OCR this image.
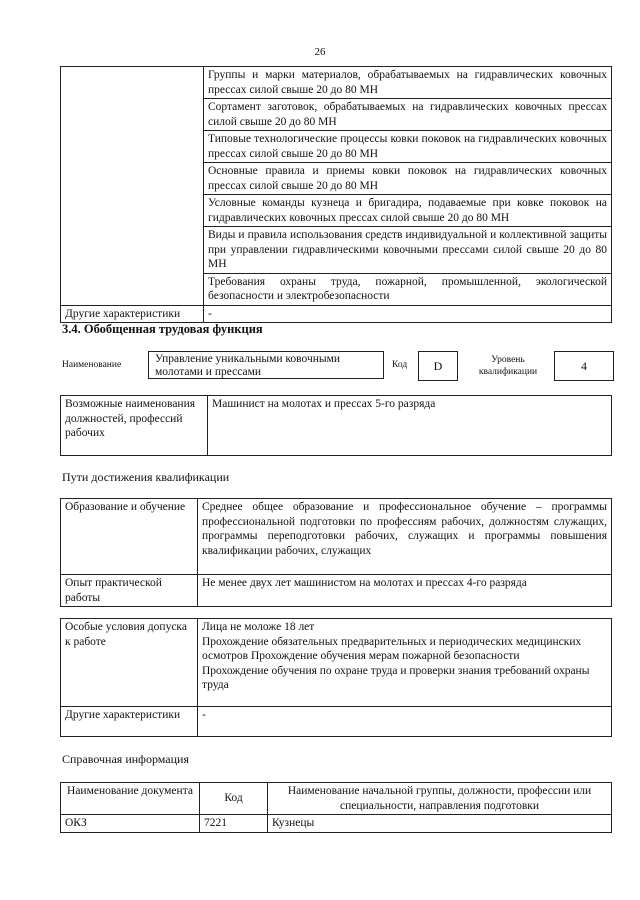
26
	Группы и марки материалов, обрабатываемых на гидравлических ковочных прессах силой свыше 20 до 80 МН
	Сортамент заготовок, обрабатываемых на гидравлических ковочных прессах силой свыше 20 до 80 МН
	Типовые технологические процессы ковки поковок на гидравлических ковочных прессах силой свыше 20 до 80 МН
	Основные правила и приемы ковки поковок на гидравлических ковочных прессах силой свыше 20 до 80 МН
	Условные команды кузнеца и бригадира, подаваемые при ковке поковок на гидравлических ковочных прессах силой свыше 20 до 80 МН
	Виды и правила использования средств индивидуальной и коллективной защиты при управлении гидравлическими ковочными прессами силой свыше 20 до 80 МН
	Требования охраны труда, пожарной, промышленной, экологической безопасности и электробезопасности
Другие характеристики	-
3.4. Обобщенная трудовая функция
Наименование	Управление уникальными ковочными молотами и прессами
Код	D	Уровень
квалификации	4
Возможные наименования должностей, профессий рабочих	Машинист на молотах и прессах 5-го разряда
Пути достижения квалификации
Образование и обучение	Среднее общее образование и профессиональное обучение – программы профессиональной подготовки по профессиям рабочих, должностям служащих, программы переподготовки рабочих, служащих и программы повышения квалификации рабочих, служащих
Опыт практической работы	Не менее двух лет машинистом на молотах и прессах 4-го разряда
Особые условия допуска к работе	Лица не моложе 18 лет
Прохождение обязательных предварительных и периодических медицинских осмотров Прохождение обучения мерам пожарной безопасности
Прохождение обучения по охране труда и проверки знания требований охраны труда

Другие характеристики	-
Справочная информация
Наименование документа	Код	Наименование начальной группы, должности, профессии или специальности, направления подготовки
ОКЗ	7221	Кузнецы
